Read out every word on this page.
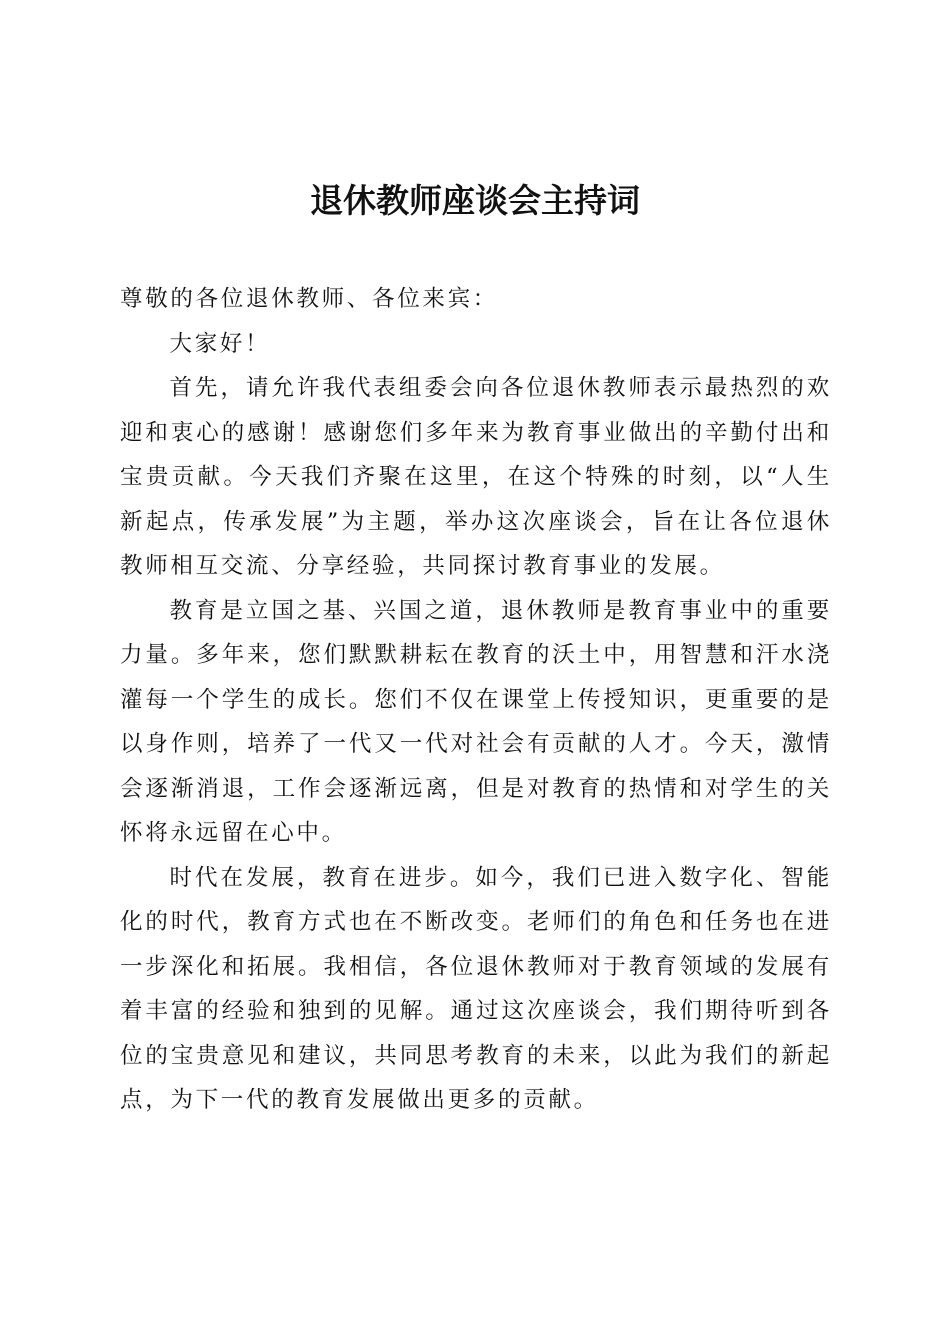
退休教师座谈会主持词

尊敬的各位退休教师、各位来宾：

大家好！

首先，请允许我代表组委会向各位退休教师表示最热烈的欢迎和衷心的感谢！感谢您们多年来为教育事业做出的辛勤付出和宝贵贡献。今天我们齐聚在这里，在这个特殊的时刻，以“人生新起点，传承发展”为主题，举办这次座谈会，旨在让各位退休教师相互交流、分享经验，共同探讨教育事业的发展。

教育是立国之基、兴国之道，退休教师是教育事业中的重要力量。多年来，您们默默耕耘在教育的沃土中，用智慧和汗水浇灌每一个学生的成长。您们不仅在课堂上传授知识，更重要的是以身作则，培养了一代又一代对社会有贡献的人才。今天，激情会逐渐消退，工作会逐渐远离，但是对教育的热情和对学生的关怀将永远留在心中。

时代在发展，教育在进步。如今，我们已进入数字化、智能化的时代，教育方式也在不断改变。老师们的角色和任务也在进一步深化和拓展。我相信，各位退休教师对于教育领域的发展有着丰富的经验和独到的见解。通过这次座谈会，我们期待听到各位的宝贵意见和建议，共同思考教育的未来，以此为我们的新起点，为下一代的教育发展做出更多的贡献。
